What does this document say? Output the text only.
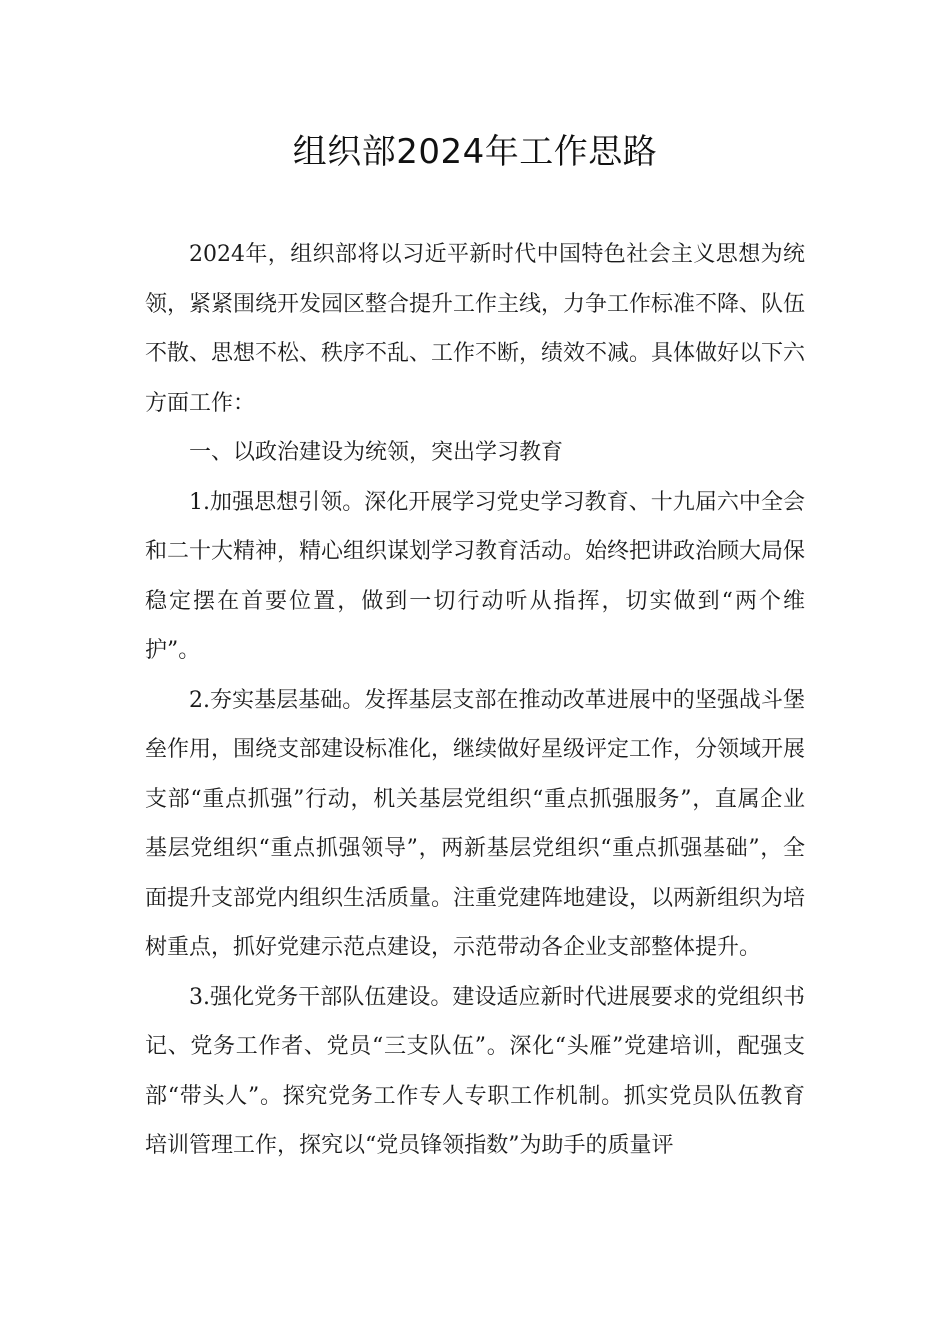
组织部2024年工作思路

2024年，组织部将以习近平新时代中国特色社会主义思想为统领，紧紧围绕开发园区整合提升工作主线，力争工作标准不降、队伍不散、思想不松、秩序不乱、工作不断，绩效不减。具体做好以下六方面工作：

一、以政治建设为统领，突出学习教育

1.加强思想引领。深化开展学习党史学习教育、十九届六中全会和二十大精神，精心组织谋划学习教育活动。始终把讲政治顾大局保稳定摆在首要位置，做到一切行动听从指挥，切实做到“两个维护”。

2.夯实基层基础。发挥基层支部在推动改革进展中的坚强战斗堡垒作用，围绕支部建设标准化，继续做好星级评定工作，分领域开展支部“重点抓强”行动，机关基层党组织“重点抓强服务”，直属企业基层党组织“重点抓强领导”，两新基层党组织“重点抓强基础”，全面提升支部党内组织生活质量。注重党建阵地建设，以两新组织为培树重点，抓好党建示范点建设，示范带动各企业支部整体提升。

3.强化党务干部队伍建设。建设适应新时代进展要求的党组织书记、党务工作者、党员“三支队伍”。深化“头雁”党建培训，配强支部“带头人”。探究党务工作专人专职工作机制。抓实党员队伍教育培训管理工作，探究以“党员锋领指数”为助手的质量评
